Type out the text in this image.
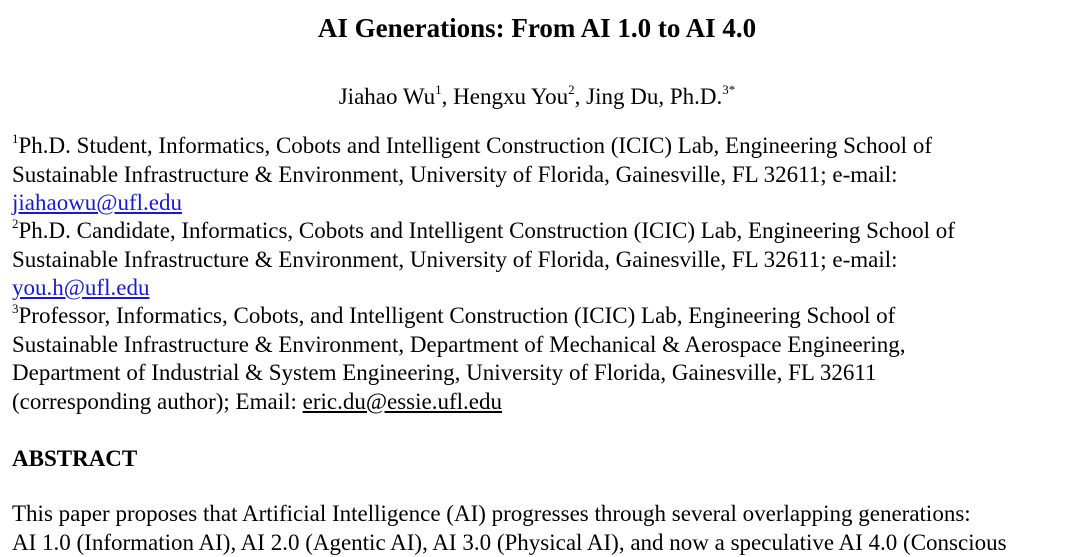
AI Generations: From AI 1.0 to AI 4.0
Jiahao Wu$^1$, Hengxu You$^2$, Jing Du, Ph.D.$^{3*}$
$^1$Ph.D. Student, Informatics, Cobots and Intelligent Construction (ICIC) Lab, Engineering School of
Sustainable Infrastructure & Environment, University of Florida, Gainesville, FL 32611; e-mail:
jiahaowu@ufl.edu
$^2$Ph.D. Candidate, Informatics, Cobots and Intelligent Construction (ICIC) Lab, Engineering School of
Sustainable Infrastructure & Environment, University of Florida, Gainesville, FL 32611; e-mail:
you.h@ufl.edu
$^3$Professor, Informatics, Cobots, and Intelligent Construction (ICIC) Lab, Engineering School of
Sustainable Infrastructure & Environment, Department of Mechanical & Aerospace Engineering,
Department of Industrial & System Engineering, University of Florida, Gainesville, FL 32611
(corresponding author); Email: eric.du@essie.ufl.edu
ABSTRACT
This paper proposes that Artificial Intelligence (AI) progresses through several overlapping generations:
AI 1.0 (Information AI), AI 2.0 (Agentic AI), AI 3.0 (Physical AI), and now a speculative AI 4.0 (Conscious
